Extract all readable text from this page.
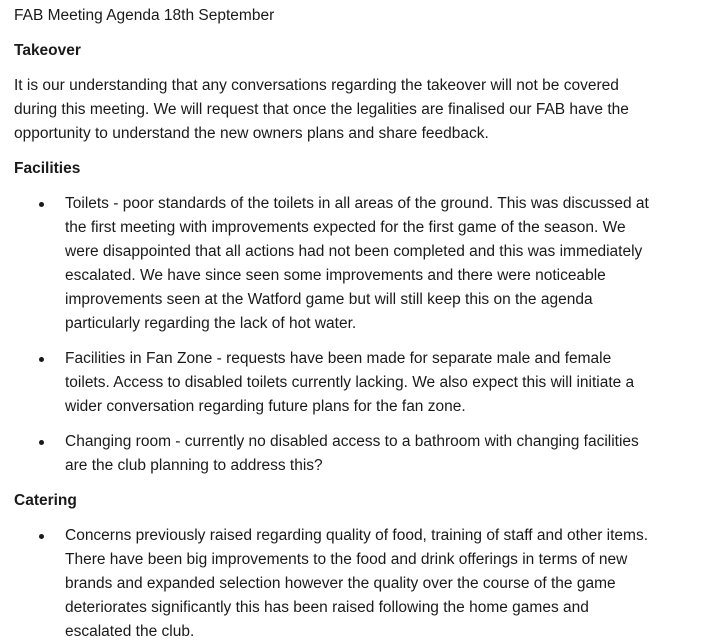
FAB Meeting Agenda 18th September
Takeover
It is our understanding that any conversations regarding the takeover will not be covered during this meeting. We will request that once the legalities are finalised our FAB have the opportunity to understand the new owners plans and share feedback.
Facilities
Toilets - poor standards of the toilets in all areas of the ground. This was discussed at the first meeting with improvements expected for the first game of the season. We were disappointed that all actions had not been completed and this was immediately escalated. We have since seen some improvements and there were noticeable improvements seen at the Watford game but will still keep this on the agenda particularly regarding the lack of hot water.
Facilities in Fan Zone - requests have been made for separate male and female toilets. Access to disabled toilets currently lacking. We also expect this will initiate a wider conversation regarding future plans for the fan zone.
Changing room - currently no disabled access to a bathroom with changing facilities are the club planning to address this?
Catering
Concerns previously raised regarding quality of food, training of staff and other items. There have been big improvements to the food and drink offerings in terms of new brands and expanded selection however the quality over the course of the game deteriorates significantly this has been raised following the home games and escalated the club.
